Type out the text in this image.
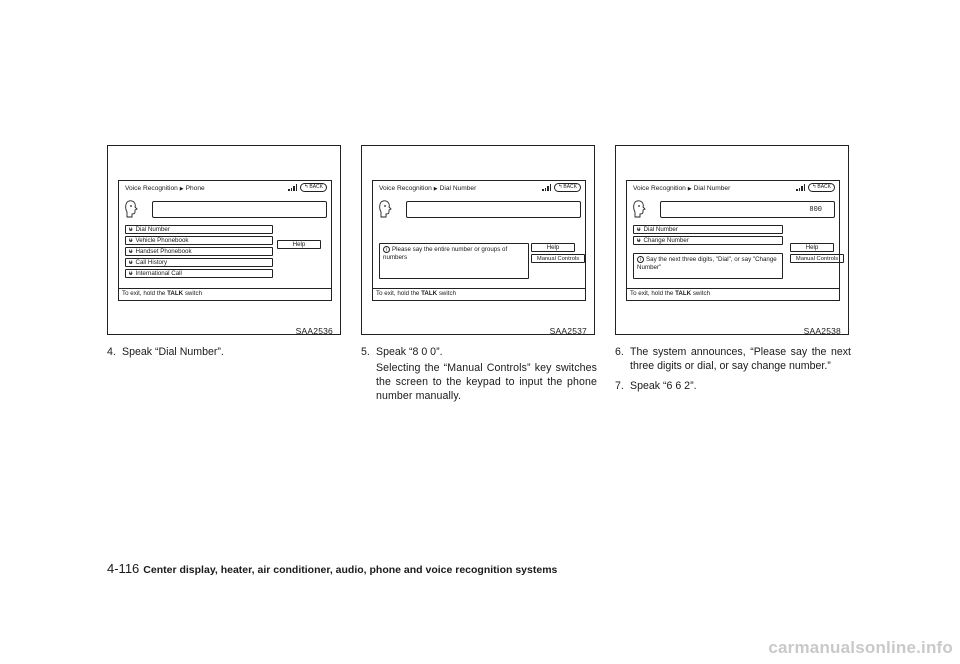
Voice Recognition ▶ Phone	↰ BACK
ᵾ Dial Number
ᵾ Vehicle Phonebook
ᵾ Handset Phonebook
ᵾ Call History
ᵾ International Call
Help
To exit, hold the TALK switch
SAA2536
Voice Recognition ▶ Dial Number	↰ BACK
i Please say the entire number or groups of numbers
Help
Manual Controls
To exit, hold the TALK switch
SAA2537
Voice Recognition ▶ Dial Number	↰ BACK
800
ᵾ Dial Number
ᵾ Change Number
i Say the next three digits, "Dial", or say "Change Number"
Help
Manual Controls
To exit, hold the TALK switch
SAA2538
4. Speak “Dial Number”.	5. Speak “8 0 0”.
Selecting the “Manual Controls” key switches the screen to the keypad to input the phone number manually.
6. The system announces, “Please say the next three digits or dial, or say change number.”
7. Speak “6 6 2”.
4-116 Center display, heater, air conditioner, audio, phone and voice recognition systems
carmanualsonline.info
